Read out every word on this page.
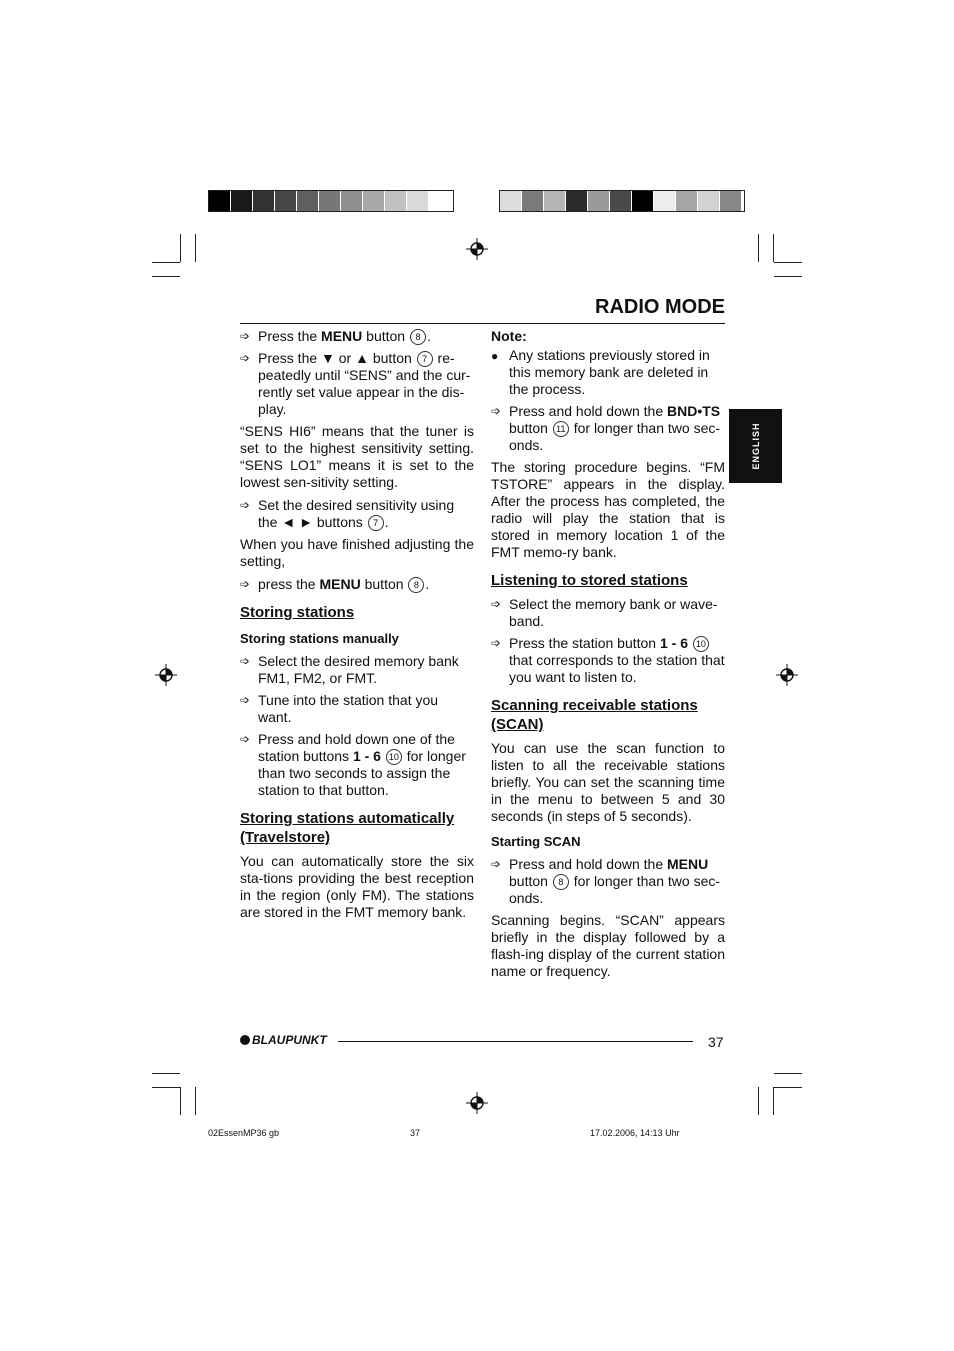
RADIO MODE
ENGLISH
➩ Press the MENU button 8 .
➩ Press the ▼ or ▲ button 7 re-peatedly until “SENS” and the cur-rently set value appear in the dis-play.

“SENS HI6” means that the tuner is set to the highest sensitivity setting. “SENS LO1” means it is set to the lowest sen-sitivity setting.

➩ Set the desired sensitivity using the ◄ ► buttons 7 .

When you have finished adjusting the setting,

➩ press the MENU button 8 .
Storing stations
Storing stations manually
➩ Select the desired memory bank FM1, FM2, or FMT.
➩ Tune into the station that you want.
➩ Press and hold down one of the station buttons 1 - 6 10 for longer than two seconds to assign the station to that button.
Storing stations automatically (Travelstore)

You can automatically store the six sta-tions providing the best reception in the region (only FM). The stations are stored in the FMT memory bank.

Note:
● Any stations previously stored in this memory bank are deleted in the process.
➩ Press and hold down the BND•TS button 11 for longer than two sec-onds.

The storing procedure begins. “FM TSTORE” appears in the display. After the process has completed, the radio will play the station that is stored in memory location 1 of the FMT memo-ry bank.

Listening to stored stations
➩ Select the memory bank or wave-band.
➩ Press the station button 1 - 6 10 that corresponds to the station that you want to listen to.
Scanning receivable stations (SCAN)

You can use the scan function to listen to all the receivable stations briefly. You can set the scanning time in the menu to between 5 and 30 seconds (in steps of 5 seconds).

Starting SCAN
➩ Press and hold down the MENU button 8 for longer than two sec-onds.

Scanning begins. “SCAN” appears briefly in the display followed by a flash-ing display of the current station name or frequency.

BLAUPUNKT	37
02EssenMP36 gb	37	17.02.2006, 14:13 Uhr
